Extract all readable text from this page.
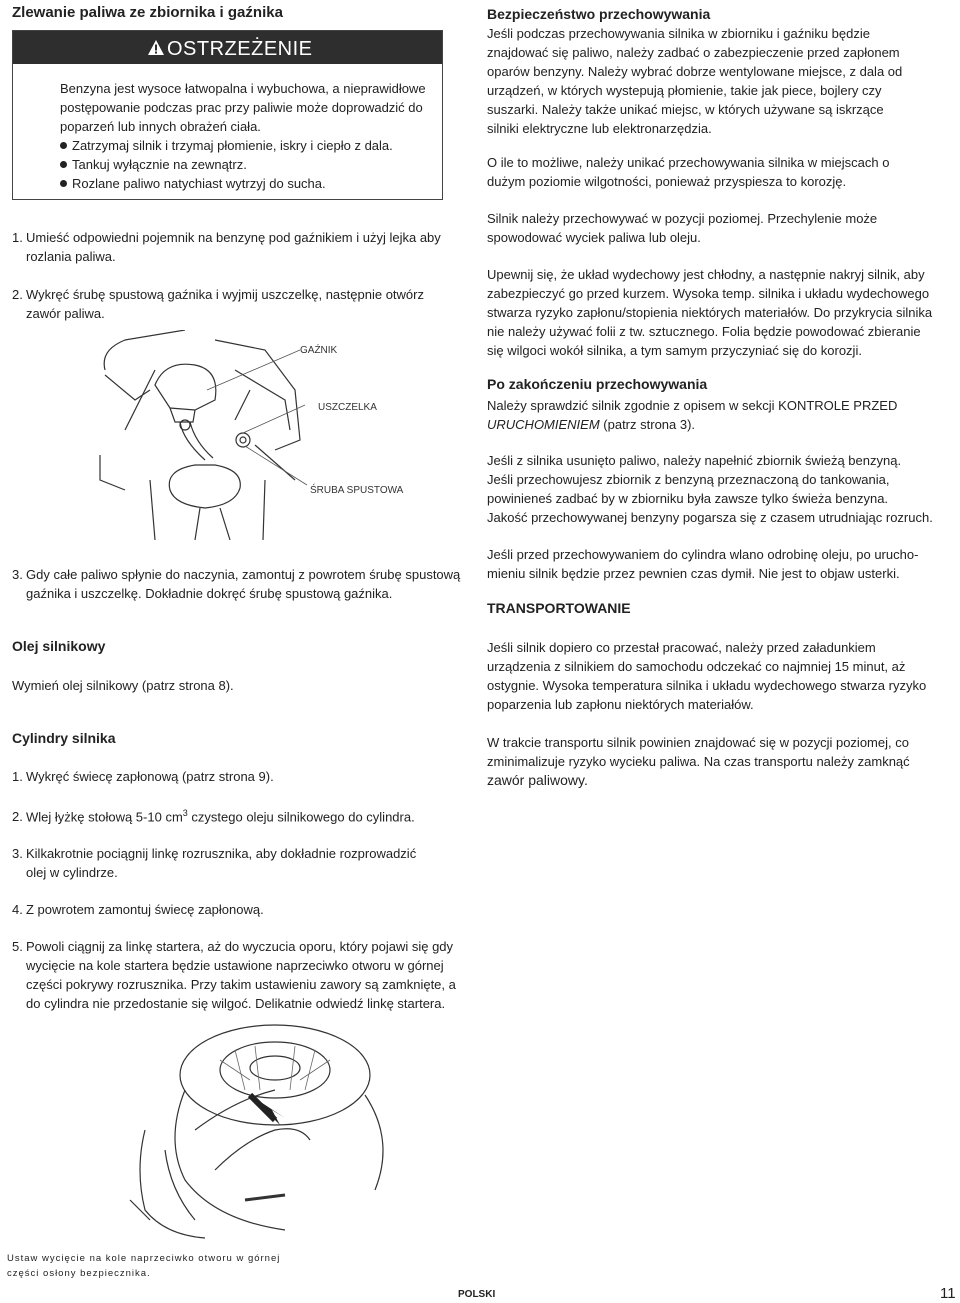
Zlewanie paliwa ze zbiornika i gaźnika
OSTRZEŻENIE
Benzyna jest wysoce łatwopalna i wybuchowa, a nieprawidłowe
postępowanie podczas prac przy paliwie może doprowadzić do
poparzeń lub innych obrażeń ciała.
Zatrzymaj silnik i trzymaj płomienie, iskry i ciepło z dala.
Tankuj wyłącznie na zewnątrz.
Rozlane paliwo natychiast wytrzyj do sucha.
1. Umieść odpowiedni pojemnik na benzynę pod gaźnikiem i użyj lejka aby
rozlania paliwa.
2. Wykręć śrubę spustową gaźnika i wyjmij uszczelkę, następnie otwórz
zawór paliwa.
GAŹNIK
USZCZELKA
ŚRUBA SPUSTOWA
3. Gdy całe paliwo spłynie do naczynia, zamontuj z powrotem śrubę spustową
gaźnika i uszczelkę. Dokładnie dokręć śrubę spustową gaźnika.
Olej silnikowy
Wymień olej silnikowy (patrz strona 8).
Cylindry silnika
1. Wykręć świecę zapłonową (patrz strona 9).
2. Wlej łyżkę stołową 5-10 $cm^3$ czystego oleju silnikowego do cylindra.
3. Kilkakrotnie pociągnij linkę rozrusznika, aby dokładnie rozprowadzić
olej w cylindrze.
4. Z powrotem zamontuj świecę zapłonową.
5. Powoli ciągnij za linkę startera, aż do wyczucia oporu, który pojawi się gdy
wycięcie na kole startera będzie ustawione naprzeciwko otworu w górnej
części pokrywy rozrusznika. Przy takim ustawieniu zawory są zamknięte, a
do cylindra nie przedostanie się wilgoć. Delikatnie odwiedź linkę startera.
Ustaw wycięcie na kole naprzeciwko otworu w górnej
części osłony bezpiecznika.
Bezpieczeństwo przechowywania
Jeśli podczas przechowywania silnika w zbiorniku i gaźniku będzie
znajdować się paliwo, należy zadbać o zabezpieczenie przed zapłonem
oparów benzyny. Należy wybrać dobrze wentylowane miejsce, z dala od
urządzeń, w których wystepują płomienie, takie jak piece, bojlery czy
suszarki. Należy także unikać miejsc, w których używane są iskrzące
silniki elektryczne lub elektronarzędzia.
O ile to możliwe, należy unikać przechowywania silnika w miejscach o
dużym poziomie wilgotności, ponieważ przyspiesza to korozję.
Silnik należy przechowywać w pozycji poziomej. Przechylenie może
spowodować wyciek paliwa lub oleju.
Upewnij się, że układ wydechowy jest chłodny, a następnie nakryj silnik, aby
zabezpieczyć go przed kurzem. Wysoka temp. silnika i układu wydechowego
stwarza ryzyko zapłonu/stopienia niektórych materiałów. Do przykrycia silnika
nie należy używać folii z tw. sztucznego. Folia będzie powodować zbieranie
się wilgoci wokół silnika, a tym samym przyczyniać się do korozji.
Po zakończeniu przechowywania
Należy sprawdzić silnik zgodnie z opisem w sekcji KONTROLE PRZED
URUCHOMIENIEM (patrz strona 3).
Jeśli z silnika usunięto paliwo, należy napełnić zbiornik świeżą benzyną.
Jeśli przechowujesz zbiornik z benzyną przeznaczoną do tankowania,
powinieneś zadbać by w zbiorniku była zawsze tylko świeża benzyna.
Jakość przechowywanej benzyny pogarsza się z czasem utrudniając rozruch.
Jeśli przed przechowywaniem do cylindra wlano odrobinę oleju, po urucho-
mieniu silnik będzie przez pewnien czas dymił. Nie jest to objaw usterki.
TRANSPORTOWANIE
Jeśli silnik dopiero co przestał pracować, należy przed załadunkiem
urządzenia z silnikiem do samochodu odczekać co najmniej 15 minut, aż
ostygnie. Wysoka temperatura silnika i układu wydechowego stwarza ryzyko
poparzenia lub zapłonu niektórych materiałów.
W trakcie transportu silnik powinien znajdować się w pozycji poziomej, co
zminimalizuje ryzyko wycieku paliwa. Na czas transportu należy zamknąć
zawór paliwowy.
POLSKI	11
